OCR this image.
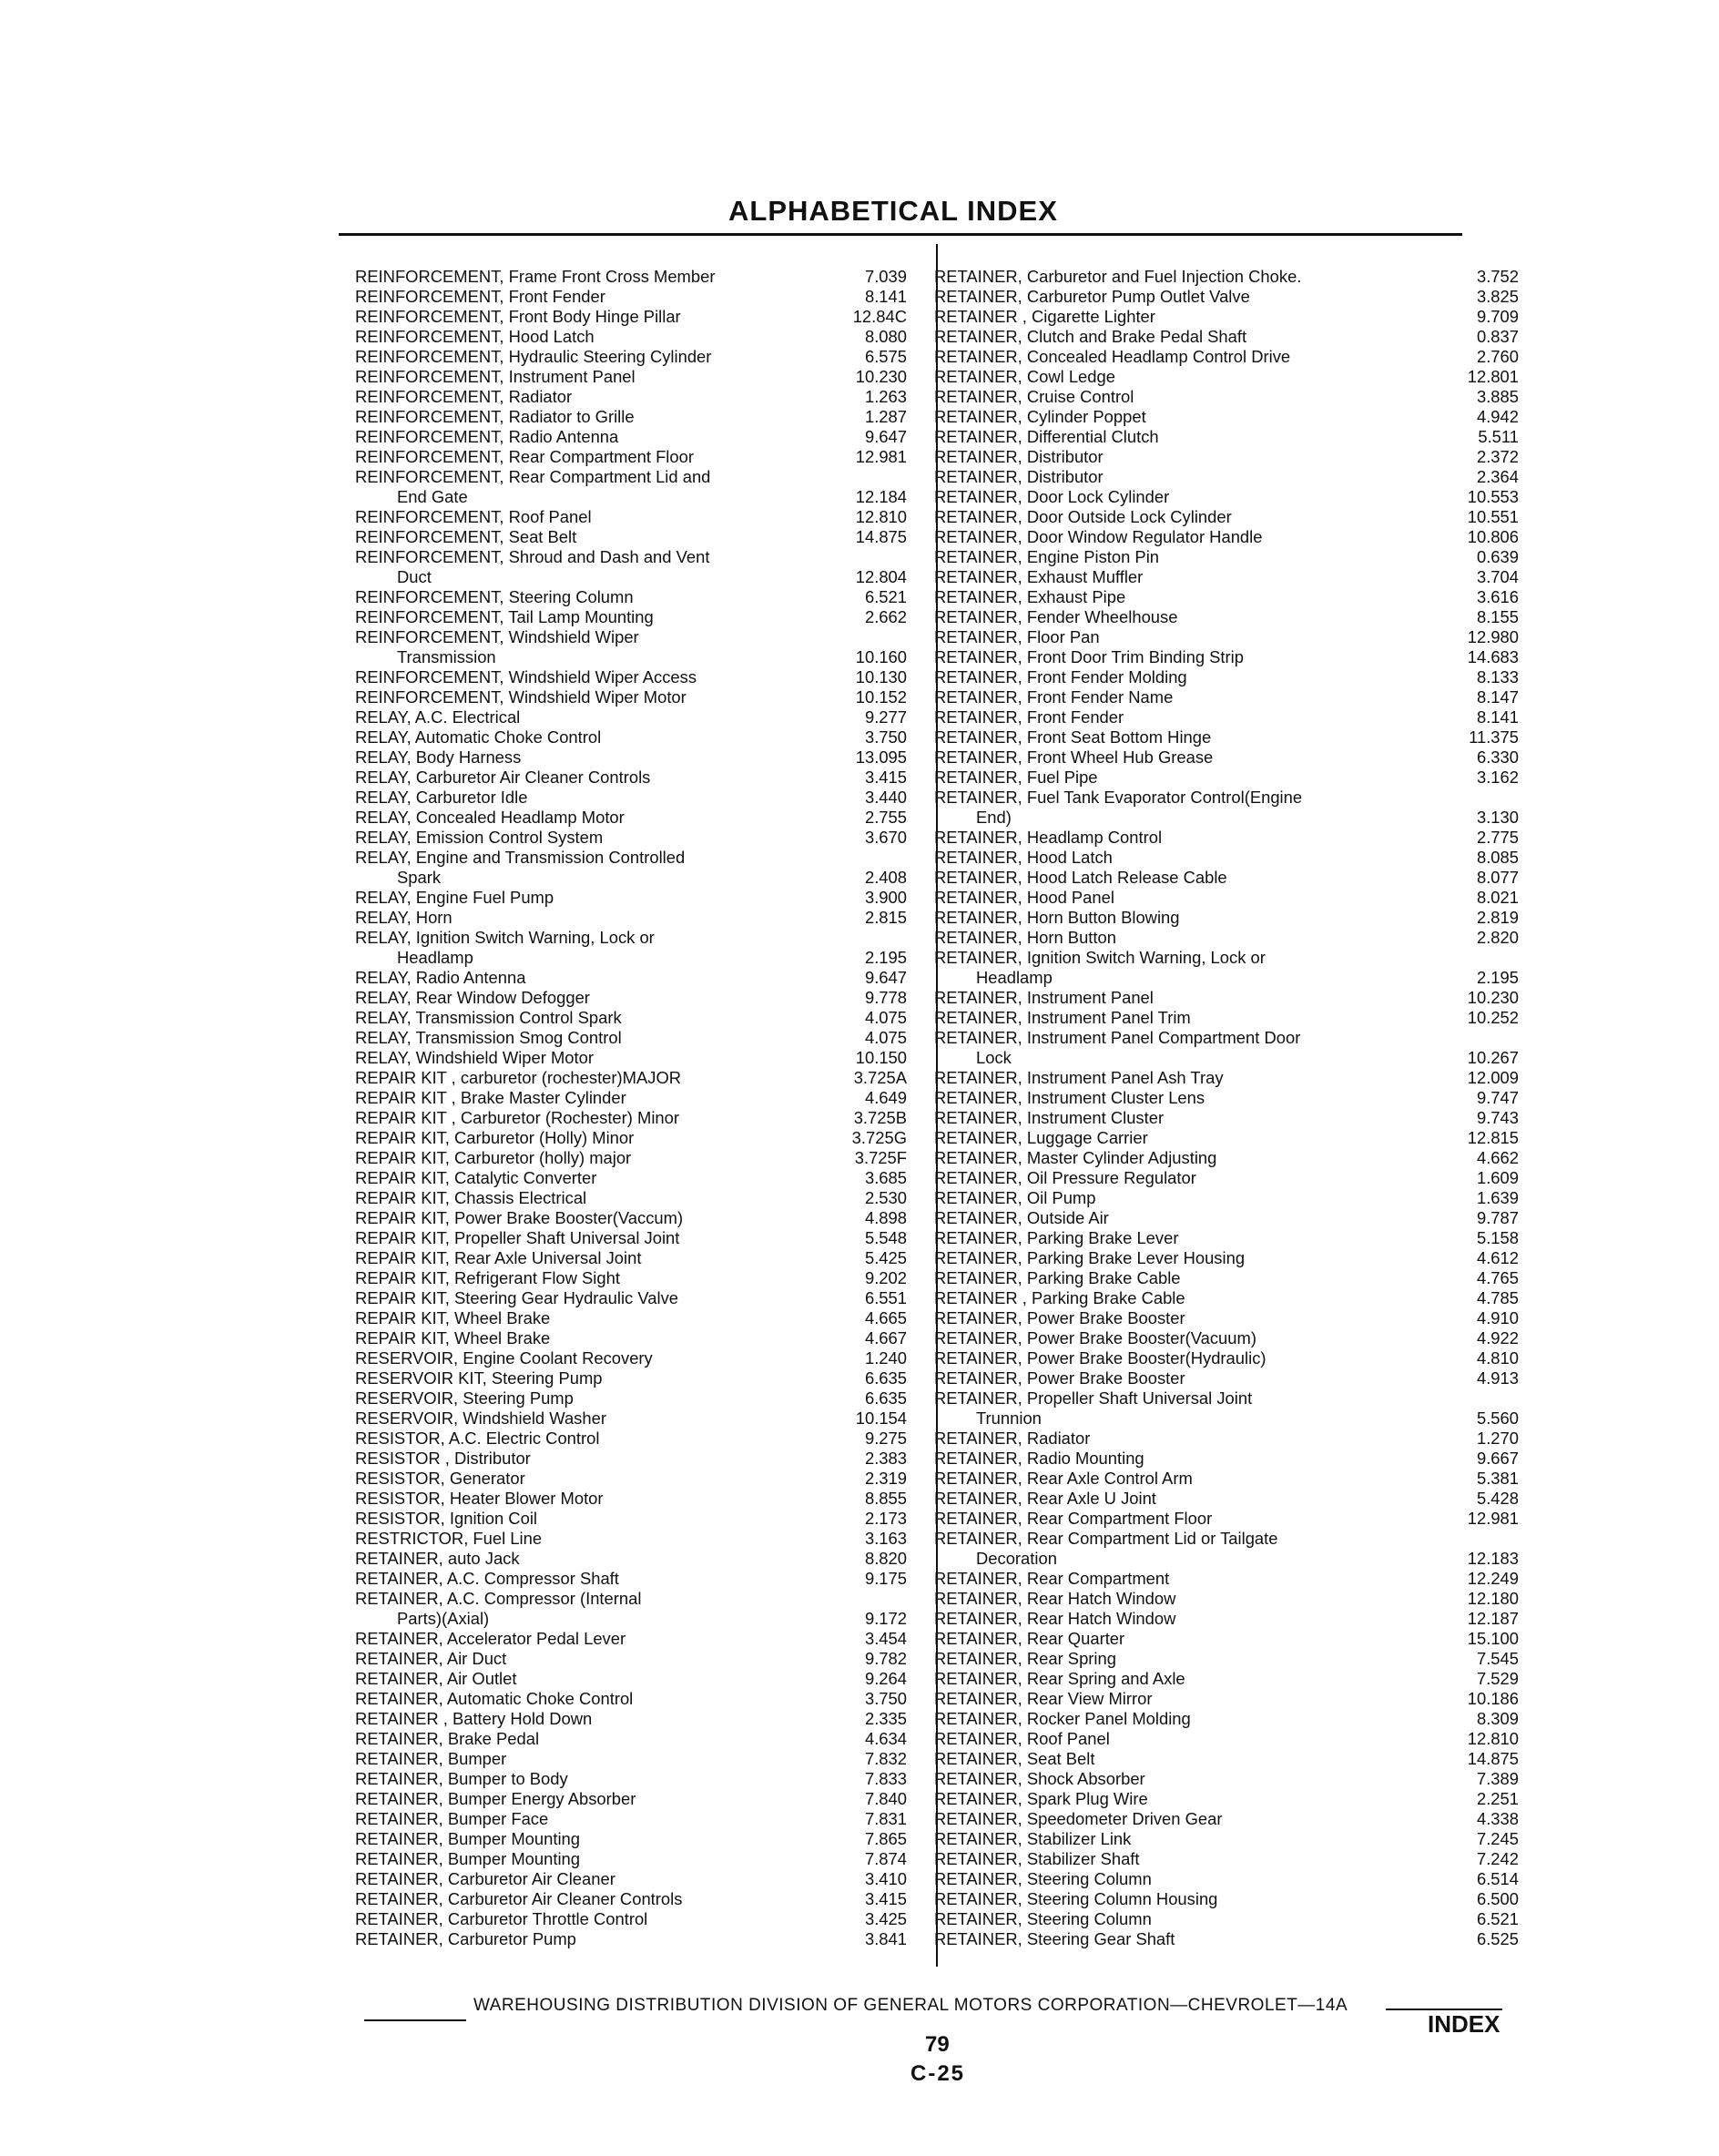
ALPHABETICAL INDEX
REINFORCEMENT, Frame Front Cross Member	7.039
REINFORCEMENT, Front Fender	8.141
REINFORCEMENT, Front Body Hinge Pillar	12.84C
REINFORCEMENT, Hood Latch	8.080
REINFORCEMENT, Hydraulic Steering Cylinder	6.575
REINFORCEMENT, Instrument Panel	10.230
REINFORCEMENT, Radiator	1.263
REINFORCEMENT, Radiator to Grille	1.287
REINFORCEMENT, Radio Antenna	9.647
REINFORCEMENT, Rear Compartment Floor	12.981
REINFORCEMENT, Rear Compartment Lid and
End Gate	12.184
REINFORCEMENT, Roof Panel	12.810
REINFORCEMENT, Seat Belt	14.875
REINFORCEMENT, Shroud and Dash and Vent
Duct	12.804
REINFORCEMENT, Steering Column	6.521
REINFORCEMENT, Tail Lamp Mounting	2.662
REINFORCEMENT, Windshield Wiper
Transmission	10.160
REINFORCEMENT, Windshield Wiper Access	10.130
REINFORCEMENT, Windshield Wiper Motor	10.152
RELAY, A.C. Electrical	9.277
RELAY, Automatic Choke Control	3.750
RELAY, Body Harness	13.095
RELAY, Carburetor Air Cleaner Controls	3.415
RELAY, Carburetor Idle	3.440
RELAY, Concealed Headlamp Motor	2.755
RELAY, Emission Control System	3.670
RELAY, Engine and Transmission Controlled
Spark	2.408
RELAY, Engine Fuel Pump	3.900
RELAY, Horn	2.815
RELAY, Ignition Switch Warning, Lock or
Headlamp	2.195
RELAY, Radio Antenna	9.647
RELAY, Rear Window Defogger	9.778
RELAY, Transmission Control Spark	4.075
RELAY, Transmission Smog Control	4.075
RELAY, Windshield Wiper Motor	10.150
REPAIR KIT , carburetor (rochester)MAJOR	3.725A
REPAIR KIT , Brake Master Cylinder	4.649
REPAIR KIT , Carburetor (Rochester) Minor	3.725B
REPAIR KIT, Carburetor (Holly) Minor	3.725G
REPAIR KIT, Carburetor (holly) major	3.725F
REPAIR KIT, Catalytic Converter	3.685
REPAIR KIT, Chassis Electrical	2.530
REPAIR KIT, Power Brake Booster(Vaccum)	4.898
REPAIR KIT, Propeller Shaft Universal Joint	5.548
REPAIR KIT, Rear Axle Universal Joint	5.425
REPAIR KIT, Refrigerant Flow Sight	9.202
REPAIR KIT, Steering Gear Hydraulic Valve	6.551
REPAIR KIT, Wheel Brake	4.665
REPAIR KIT, Wheel Brake	4.667
RESERVOIR, Engine Coolant Recovery	1.240
RESERVOIR KIT, Steering Pump	6.635
RESERVOIR, Steering Pump	6.635
RESERVOIR, Windshield Washer	10.154
RESISTOR, A.C. Electric Control	9.275
RESISTOR , Distributor	2.383
RESISTOR, Generator	2.319
RESISTOR, Heater Blower Motor	8.855
RESISTOR, Ignition Coil	2.173
RESTRICTOR, Fuel Line	3.163
RETAINER, auto Jack	8.820
RETAINER, A.C. Compressor Shaft	9.175
RETAINER, A.C. Compressor (Internal
Parts)(Axial)	9.172
RETAINER, Accelerator Pedal Lever	3.454
RETAINER, Air Duct	9.782
RETAINER, Air Outlet	9.264
RETAINER, Automatic Choke Control	3.750
RETAINER , Battery Hold Down	2.335
RETAINER, Brake Pedal	4.634
RETAINER, Bumper	7.832
RETAINER, Bumper to Body	7.833
RETAINER, Bumper Energy Absorber	7.840
RETAINER, Bumper Face	7.831
RETAINER, Bumper Mounting	7.865
RETAINER, Bumper Mounting	7.874
RETAINER, Carburetor Air Cleaner	3.410
RETAINER, Carburetor Air Cleaner Controls	3.415
RETAINER, Carburetor Throttle Control	3.425
RETAINER, Carburetor Pump	3.841
RETAINER, Carburetor and Fuel Injection Choke.	3.752
RETAINER, Carburetor Pump Outlet Valve	3.825
RETAINER , Cigarette Lighter	9.709
RETAINER, Clutch and Brake Pedal Shaft	0.837
RETAINER, Concealed Headlamp Control Drive	2.760
RETAINER, Cowl Ledge	12.801
RETAINER, Cruise Control	3.885
RETAINER, Cylinder Poppet	4.942
RETAINER, Differential Clutch	5.511
RETAINER, Distributor	2.372
RETAINER, Distributor	2.364
RETAINER, Door Lock Cylinder	10.553
RETAINER, Door Outside Lock Cylinder	10.551
RETAINER, Door Window Regulator Handle	10.806
RETAINER, Engine Piston Pin	0.639
RETAINER, Exhaust Muffler	3.704
RETAINER, Exhaust Pipe	3.616
RETAINER, Fender Wheelhouse	8.155
RETAINER, Floor Pan	12.980
RETAINER, Front Door Trim Binding Strip	14.683
RETAINER, Front Fender Molding	8.133
RETAINER, Front Fender Name	8.147
RETAINER, Front Fender	8.141
RETAINER, Front Seat Bottom Hinge	11.375
RETAINER, Front Wheel Hub Grease	6.330
RETAINER, Fuel Pipe	3.162
RETAINER, Fuel Tank Evaporator Control(Engine
End)	3.130
RETAINER, Headlamp Control	2.775
RETAINER, Hood Latch	8.085
RETAINER, Hood Latch Release Cable	8.077
RETAINER, Hood Panel	8.021
RETAINER, Horn Button Blowing	2.819
RETAINER, Horn Button	2.820
RETAINER, Ignition Switch Warning, Lock or
Headlamp	2.195
RETAINER, Instrument Panel	10.230
RETAINER, Instrument Panel Trim	10.252
RETAINER, Instrument Panel Compartment Door
Lock	10.267
RETAINER, Instrument Panel Ash Tray	12.009
RETAINER, Instrument Cluster Lens	9.747
RETAINER, Instrument Cluster	9.743
RETAINER, Luggage Carrier	12.815
RETAINER, Master Cylinder Adjusting	4.662
RETAINER, Oil Pressure Regulator	1.609
RETAINER, Oil Pump	1.639
RETAINER, Outside Air	9.787
RETAINER, Parking Brake Lever	5.158
RETAINER, Parking Brake Lever Housing	4.612
RETAINER, Parking Brake Cable	4.765
RETAINER , Parking Brake Cable	4.785
RETAINER, Power Brake Booster	4.910
RETAINER, Power Brake Booster(Vacuum)	4.922
RETAINER, Power Brake Booster(Hydraulic)	4.810
RETAINER, Power Brake Booster	4.913
RETAINER, Propeller Shaft Universal Joint
Trunnion	5.560
RETAINER, Radiator	1.270
RETAINER, Radio Mounting	9.667
RETAINER, Rear Axle Control Arm	5.381
RETAINER, Rear Axle U Joint	5.428
RETAINER, Rear Compartment Floor	12.981
RETAINER, Rear Compartment Lid or Tailgate
Decoration	12.183
RETAINER, Rear Compartment	12.249
RETAINER, Rear Hatch Window	12.180
RETAINER, Rear Hatch Window	12.187
RETAINER, Rear Quarter	15.100
RETAINER, Rear Spring	7.545
RETAINER, Rear Spring and Axle	7.529
RETAINER, Rear View Mirror	10.186
RETAINER, Rocker Panel Molding	8.309
RETAINER, Roof Panel	12.810
RETAINER, Seat Belt	14.875
RETAINER, Shock Absorber	7.389
RETAINER, Spark Plug Wire	2.251
RETAINER, Speedometer Driven Gear	4.338
RETAINER, Stabilizer Link	7.245
RETAINER, Stabilizer Shaft	7.242
RETAINER, Steering Column	6.514
RETAINER, Steering Column Housing	6.500
RETAINER, Steering Column	6.521
RETAINER, Steering Gear Shaft	6.525
WAREHOUSING DISTRIBUTION DIVISION OF GENERAL MOTORS CORPORATION—CHEVROLET—14A
INDEX
79
C-25
